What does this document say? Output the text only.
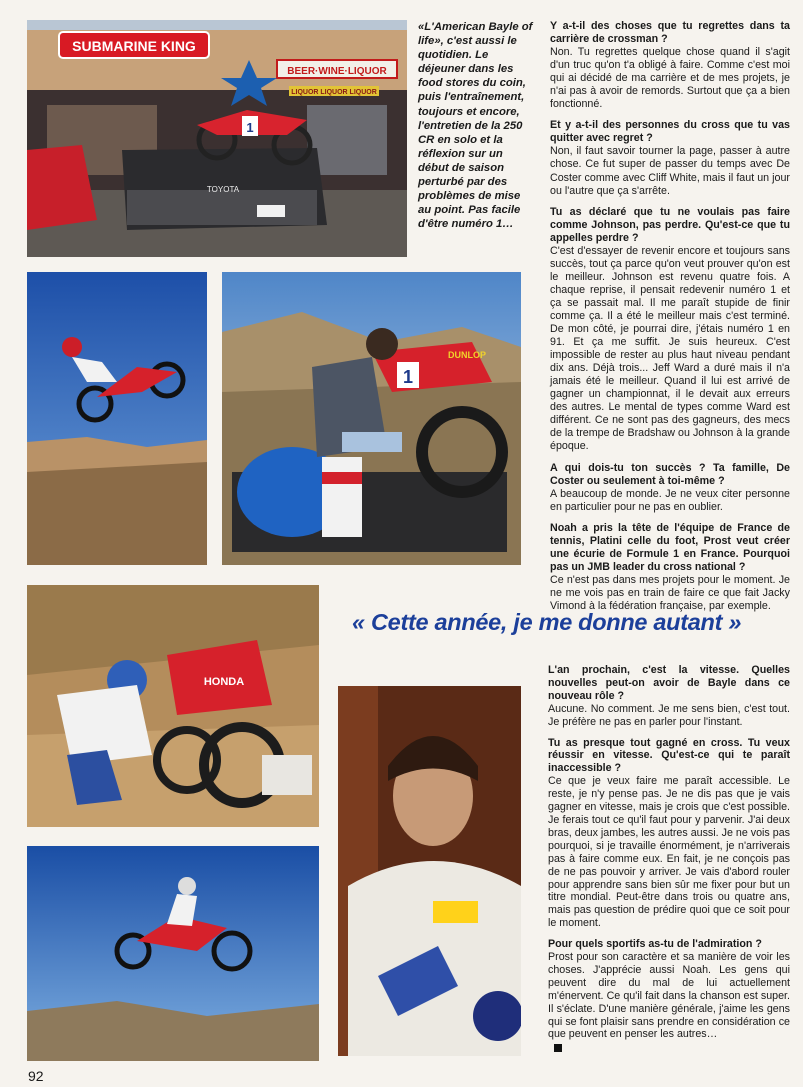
SUBMARINE KING
BEER·WINE·LIQUOR
LIQUOR LIQUOR LIQUOR
TOYOTA
1
1
DUNLOP
HONDA
«L'American Bayle of life», c'est aussi le quotidien. Le déjeuner dans les food stores du coin, puis l'entraînement, toujours et encore, l'entretien de la 250 CR en solo et la réflexion sur un début de saison perturbé par des problèmes de mise au point. Pas facile d'être numéro 1…

Y a-t-il des choses que tu regrettes dans ta carrière de crossman ?
Non. Tu regrettes quelque chose quand il s'agit d'un truc qu'on t'a obligé à faire. Comme c'est moi qui ai décidé de ma carrière et de mes projets, je n'ai pas à avoir de remords. Surtout que ça a bien fonctionné.

Et y a-t-il des personnes du cross que tu vas quitter avec regret ?
Non, il faut savoir tourner la page, passer à autre chose. Ce fut super de passer du temps avec De Coster comme avec Cliff White, mais il faut un jour ou l'autre que ça s'arrête.

Tu as déclaré que tu ne voulais pas faire comme Johnson, pas perdre. Qu'est-ce que tu appelles perdre ?
C'est d'essayer de revenir encore et toujours sans succès, tout ça parce qu'on veut prouver qu'on est le meilleur. Johnson est revenu quatre fois. A chaque reprise, il pensait redevenir numéro 1 et ça se passait mal. Il me paraît stupide de finir comme ça. Il a été le meilleur mais c'est terminé. De mon côté, je pourrai dire, j'étais numéro 1 en 91. Et ça me suffit. Je suis heureux. C'est impossible de rester au plus haut niveau pendant dix ans. Déjà trois... Jeff Ward a duré mais il n'a jamais été le meilleur. Quand il lui est arrivé de gagner un championnat, il le devait aux erreurs des autres. Le mental de types comme Ward est différent. Ce ne sont pas des gagneurs, des mecs de la trempe de Bradshaw ou Johnson à la grande époque.

A qui dois-tu ton succès ? Ta famille, De Coster ou seulement à toi-même ?
A beaucoup de monde. Je ne veux citer personne en particulier pour ne pas en oublier.

Noah a pris la tête de l'équipe de France de tennis, Platini celle du foot, Prost veut créer une écurie de Formule 1 en France. Pourquoi pas un JMB leader du cross national ?
Ce n'est pas dans mes projets pour le moment. Je ne me vois pas en train de faire ce que fait Jacky Vimond à la fédération française, par exemple.

« Cette année, je me donne autant »

L'an prochain, c'est la vitesse. Quelles nouvelles peut-on avoir de Bayle dans ce nouveau rôle ?
Aucune. No comment. Je me sens bien, c'est tout. Je préfère ne pas en parler pour l'instant.

Tu as presque tout gagné en cross. Tu veux réussir en vitesse. Qu'est-ce qui te paraît inaccessible ?
Ce que je veux faire me paraît accessible. Le reste, je n'y pense pas. Je ne dis pas que je vais gagner en vitesse, mais je crois que c'est possible. Je ferais tout ce qu'il faut pour y parvenir. J'ai deux bras, deux jambes, les autres aussi. Je ne vois pas pourquoi, si je travaille énormément, je n'arriverais pas à faire comme eux. En fait, je ne conçois pas de ne pas pouvoir y arriver. Je vais d'abord rouler pour apprendre sans bien sûr me fixer pour but un titre mondial. Peut-être dans trois ou quatre ans, mais pas question de prédire quoi que ce soit pour le moment.

Pour quels sportifs as-tu de l'admiration ?
Prost pour son caractère et sa manière de voir les choses. J'apprécie aussi Noah. Les gens qui peuvent dire du mal de lui actuellement m'énervent. Ce qu'il fait dans la chanson est super. Il s'éclate. D'une manière générale, j'aime les gens qui se font plaisir sans prendre en considération ce que peuvent en penser les autres…

92
